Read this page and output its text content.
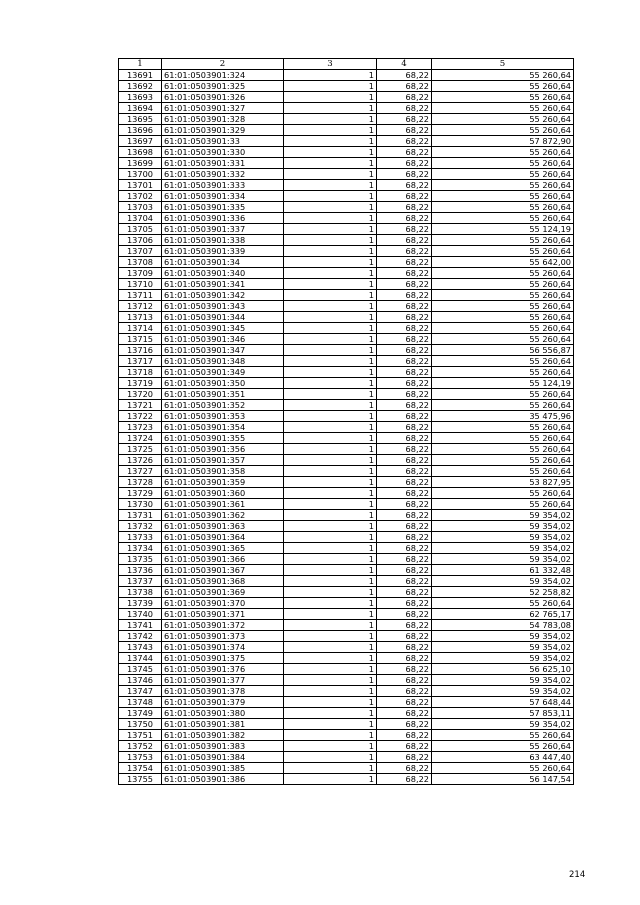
1	2	3	4	5
13691	61:01:0503901:324	1	68,22	55 260,64
13692	61:01:0503901:325	1	68,22	55 260,64
13693	61:01:0503901:326	1	68,22	55 260,64
13694	61:01:0503901:327	1	68,22	55 260,64
13695	61:01:0503901:328	1	68,22	55 260,64
13696	61:01:0503901:329	1	68,22	55 260,64
13697	61:01:0503901:33	1	68,22	57 872,90
13698	61:01:0503901:330	1	68,22	55 260,64
13699	61:01:0503901:331	1	68,22	55 260,64
13700	61:01:0503901:332	1	68,22	55 260,64
13701	61:01:0503901:333	1	68,22	55 260,64
13702	61:01:0503901:334	1	68,22	55 260,64
13703	61:01:0503901:335	1	68,22	55 260,64
13704	61:01:0503901:336	1	68,22	55 260,64
13705	61:01:0503901:337	1	68,22	55 124,19
13706	61:01:0503901:338	1	68,22	55 260,64
13707	61:01:0503901:339	1	68,22	55 260,64
13708	61:01:0503901:34	1	68,22	55 642,00
13709	61:01:0503901:340	1	68,22	55 260,64
13710	61:01:0503901:341	1	68,22	55 260,64
13711	61:01:0503901:342	1	68,22	55 260,64
13712	61:01:0503901:343	1	68,22	55 260,64
13713	61:01:0503901:344	1	68,22	55 260,64
13714	61:01:0503901:345	1	68,22	55 260,64
13715	61:01:0503901:346	1	68,22	55 260,64
13716	61:01:0503901:347	1	68,22	56 556,87
13717	61:01:0503901:348	1	68,22	55 260,64
13718	61:01:0503901:349	1	68,22	55 260,64
13719	61:01:0503901:350	1	68,22	55 124,19
13720	61:01:0503901:351	1	68,22	55 260,64
13721	61:01:0503901:352	1	68,22	55 260,64
13722	61:01:0503901:353	1	68,22	35 475,96
13723	61:01:0503901:354	1	68,22	55 260,64
13724	61:01:0503901:355	1	68,22	55 260,64
13725	61:01:0503901:356	1	68,22	55 260,64
13726	61:01:0503901:357	1	68,22	55 260,64
13727	61:01:0503901:358	1	68,22	55 260,64
13728	61:01:0503901:359	1	68,22	53 827,95
13729	61:01:0503901:360	1	68,22	55 260,64
13730	61:01:0503901:361	1	68,22	55 260,64
13731	61:01:0503901:362	1	68,22	59 354,02
13732	61:01:0503901:363	1	68,22	59 354,02
13733	61:01:0503901:364	1	68,22	59 354,02
13734	61:01:0503901:365	1	68,22	59 354,02
13735	61:01:0503901:366	1	68,22	59 354,02
13736	61:01:0503901:367	1	68,22	61 332,48
13737	61:01:0503901:368	1	68,22	59 354,02
13738	61:01:0503901:369	1	68,22	52 258,82
13739	61:01:0503901:370	1	68,22	55 260,64
13740	61:01:0503901:371	1	68,22	62 765,17
13741	61:01:0503901:372	1	68,22	54 783,08
13742	61:01:0503901:373	1	68,22	59 354,02
13743	61:01:0503901:374	1	68,22	59 354,02
13744	61:01:0503901:375	1	68,22	59 354,02
13745	61:01:0503901:376	1	68,22	56 625,10
13746	61:01:0503901:377	1	68,22	59 354,02
13747	61:01:0503901:378	1	68,22	59 354,02
13748	61:01:0503901:379	1	68,22	57 648,44
13749	61:01:0503901:380	1	68,22	57 853,11
13750	61:01:0503901:381	1	68,22	59 354,02
13751	61:01:0503901:382	1	68,22	55 260,64
13752	61:01:0503901:383	1	68,22	55 260,64
13753	61:01:0503901:384	1	68,22	63 447,40
13754	61:01:0503901:385	1	68,22	55 260,64
13755	61:01:0503901:386	1	68,22	56 147,54
214
